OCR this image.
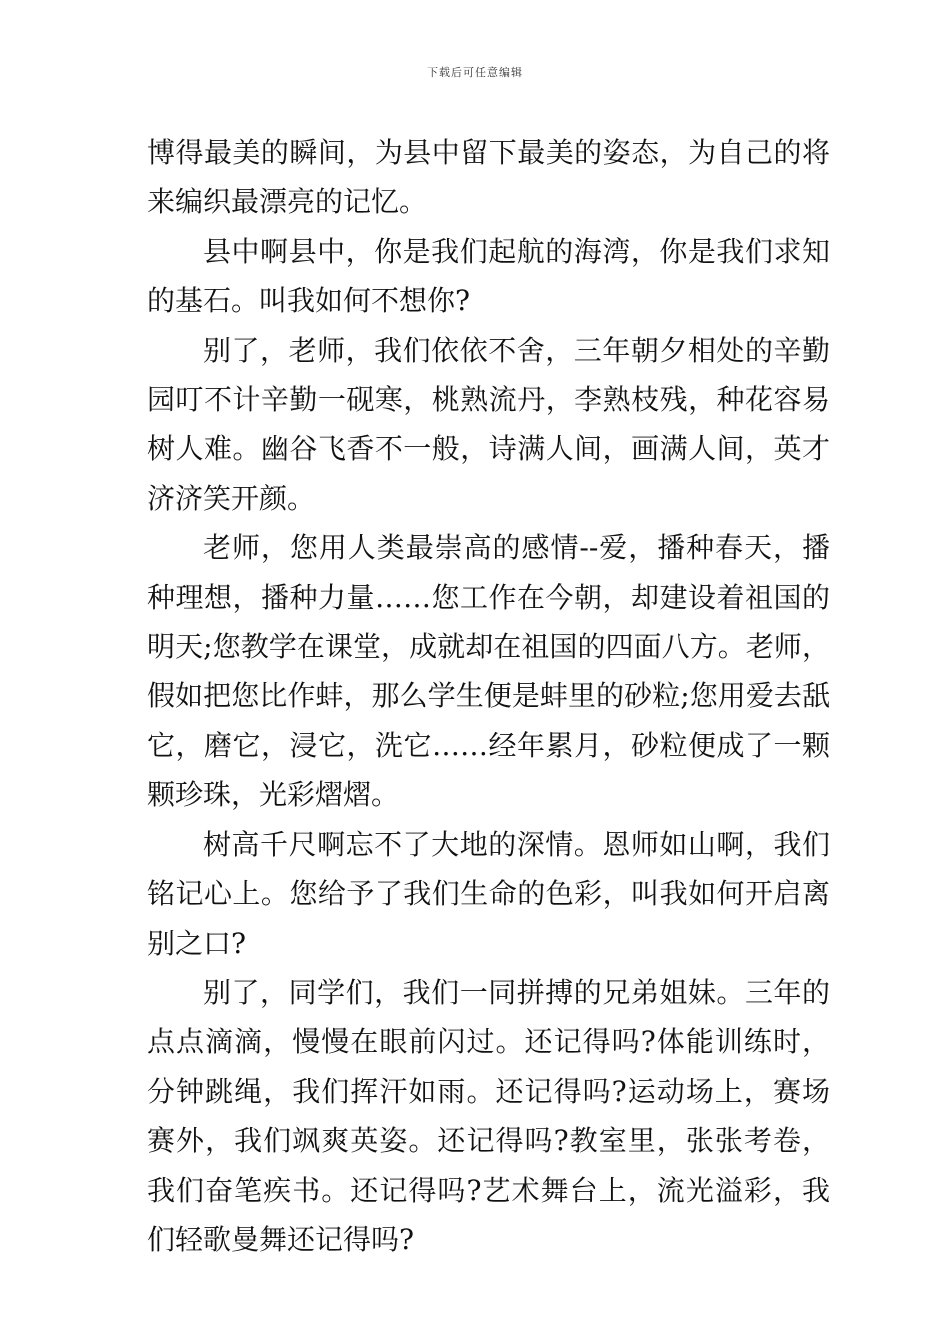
下载后可任意编辑

博得最美的瞬间，为县中留下最美的姿态，为自己的将来编织最漂亮的记忆。

县中啊县中，你是我们起航的海湾，你是我们求知的基石。叫我如何不想你?

别了，老师，我们依依不舍，三年朝夕相处的辛勤园叮不计辛勤一砚寒，桃熟流丹，李熟枝残，种花容易树人难。幽谷飞香不一般，诗满人间，画满人间，英才济济笑开颜。

老师，您用人类最崇高的感情--爱，播种春天，播种理想，播种力量……您工作在今朝，却建设着祖国的明天;您教学在课堂，成就却在祖国的四面八方。老师，假如把您比作蚌，那么学生便是蚌里的砂粒;您用爱去舐它，磨它，浸它，洗它……经年累月，砂粒便成了一颗颗珍珠，光彩熠熠。

树高千尺啊忘不了大地的深情。恩师如山啊，我们铭记心上。您给予了我们生命的色彩，叫我如何开启离别之口?

别了，同学们，我们一同拼搏的兄弟姐妹。三年的点点滴滴，慢慢在眼前闪过。还记得吗?体能训练时，分钟跳绳，我们挥汗如雨。还记得吗?运动场上，赛场赛外，我们飒爽英姿。还记得吗?教室里，张张考卷，我们奋笔疾书。还记得吗?艺术舞台上，流光溢彩，我们轻歌曼舞还记得吗?
